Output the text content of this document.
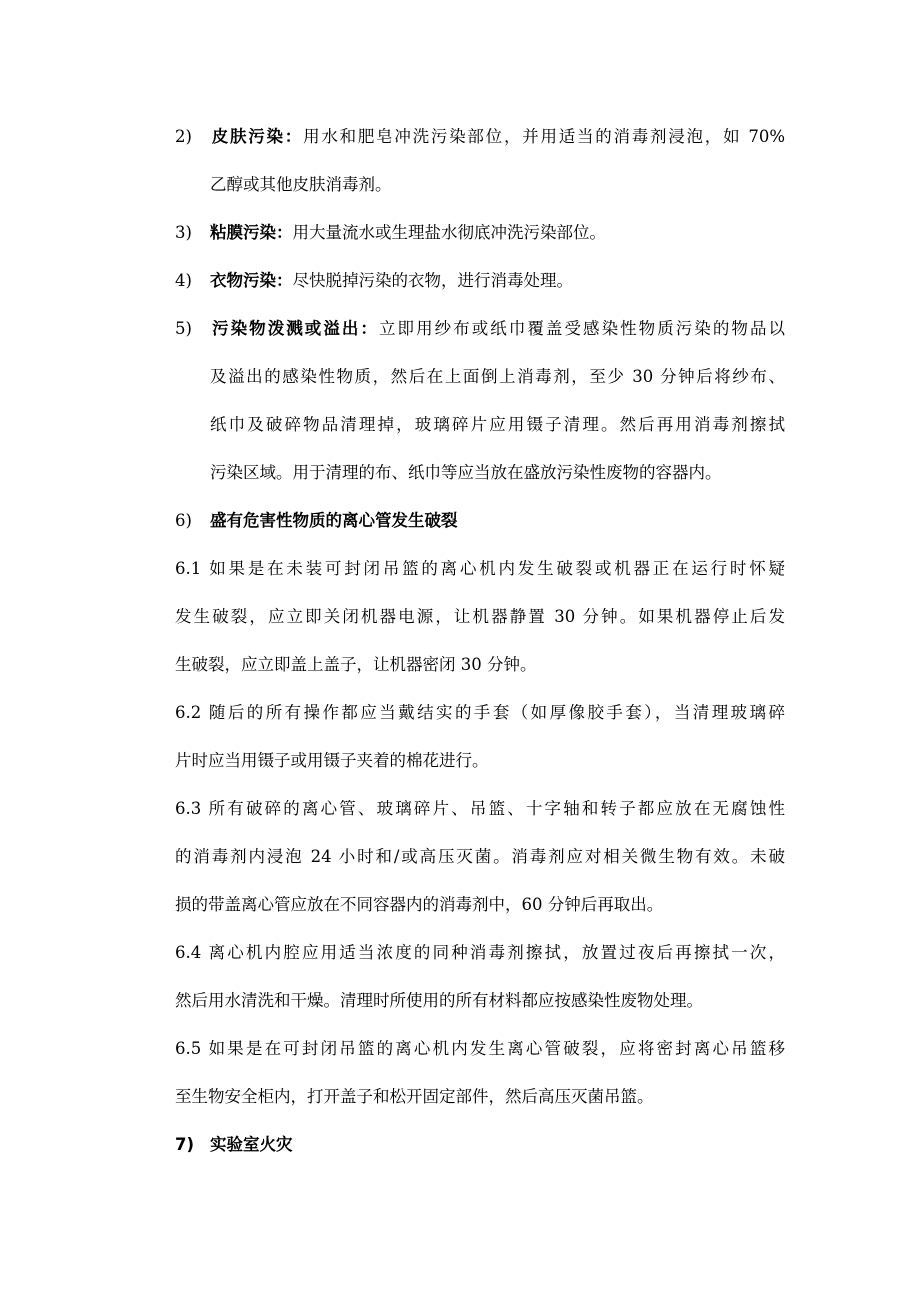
2) 皮肤污染：用水和肥皂冲洗污染部位，并用适当的消毒剂浸泡，如 70%
乙醇或其他皮肤消毒剂。
3) 粘膜污染：用大量流水或生理盐水彻底冲洗污染部位。
4) 衣物污染：尽快脱掉污染的衣物，进行消毒处理。
5) 污染物泼溅或溢出：立即用纱布或纸巾覆盖受感染性物质污染的物品以
及溢出的感染性物质，然后在上面倒上消毒剂，至少 30 分钟后将纱布、
纸巾及破碎物品清理掉，玻璃碎片应用镊子清理。然后再用消毒剂擦拭
污染区域。用于清理的布、纸巾等应当放在盛放污染性废物的容器内。
6) 盛有危害性物质的离心管发生破裂
6.1 如果是在未装可封闭吊篮的离心机内发生破裂或机器正在运行时怀疑
发生破裂，应立即关闭机器电源，让机器静置 30 分钟。如果机器停止后发
生破裂，应立即盖上盖子，让机器密闭 30 分钟。
6.2 随后的所有操作都应当戴结实的手套（如厚像胶手套），当清理玻璃碎
片时应当用镊子或用镊子夹着的棉花进行。
6.3 所有破碎的离心管、玻璃碎片、吊篮、十字轴和转子都应放在无腐蚀性
的消毒剂内浸泡 24 小时和/或高压灭菌。消毒剂应对相关微生物有效。未破
损的带盖离心管应放在不同容器内的消毒剂中，60 分钟后再取出。
6.4 离心机内腔应用适当浓度的同种消毒剂擦拭，放置过夜后再擦拭一次，
然后用水清洗和干燥。清理时所使用的所有材料都应按感染性废物处理。
6.5 如果是在可封闭吊篮的离心机内发生离心管破裂，应将密封离心吊篮移
至生物安全柜内，打开盖子和松开固定部件，然后高压灭菌吊篮。
7) 实验室火灾
